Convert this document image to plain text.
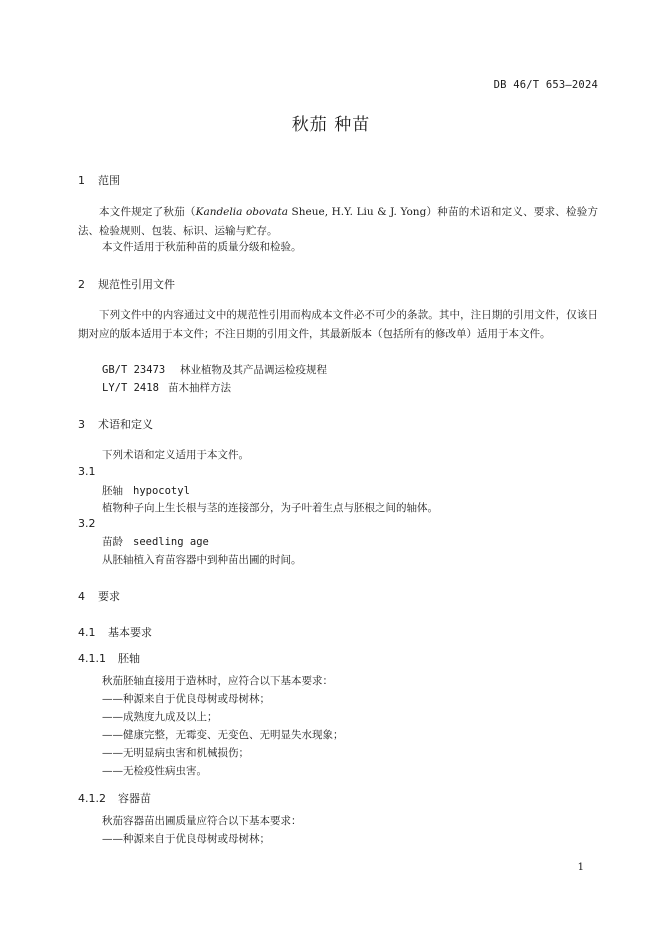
DB 46/T 653—2024
秋茄 种苗
1 范围
本文件规定了秋茄（Kandelia obovata Sheue, H.Y. Liu & J. Yong）种苗的术语和定义、要求、检验方法、检验规则、包装、标识、运输与贮存。
本文件适用于秋茄种苗的质量分级和检验。
2 规范性引用文件
下列文件中的内容通过文中的规范性引用而构成本文件必不可少的条款。其中，注日期的引用文件，仅该日期对应的版本适用于本文件；不注日期的引用文件，其最新版本（包括所有的修改单）适用于本文件。
GB/T 23473 林业植物及其产品调运检疫规程
LY/T 2418 苗木抽样方法
3 术语和定义
下列术语和定义适用于本文件。
3.1
胚轴 hypocotyl
植物种子向上生长根与茎的连接部分，为子叶着生点与胚根之间的轴体。
3.2
苗龄 seedling age
从胚轴植入育苗容器中到种苗出圃的时间。
4 要求
4.1 基本要求
4.1.1 胚轴
秋茄胚轴直接用于造林时，应符合以下基本要求：
——种源来自于优良母树或母树林；
——成熟度九成及以上；
——健康完整，无霉变、无变色、无明显失水现象；
——无明显病虫害和机械损伤；
——无检疫性病虫害。
4.1.2 容器苗
秋茄容器苗出圃质量应符合以下基本要求：
——种源来自于优良母树或母树林；
1
